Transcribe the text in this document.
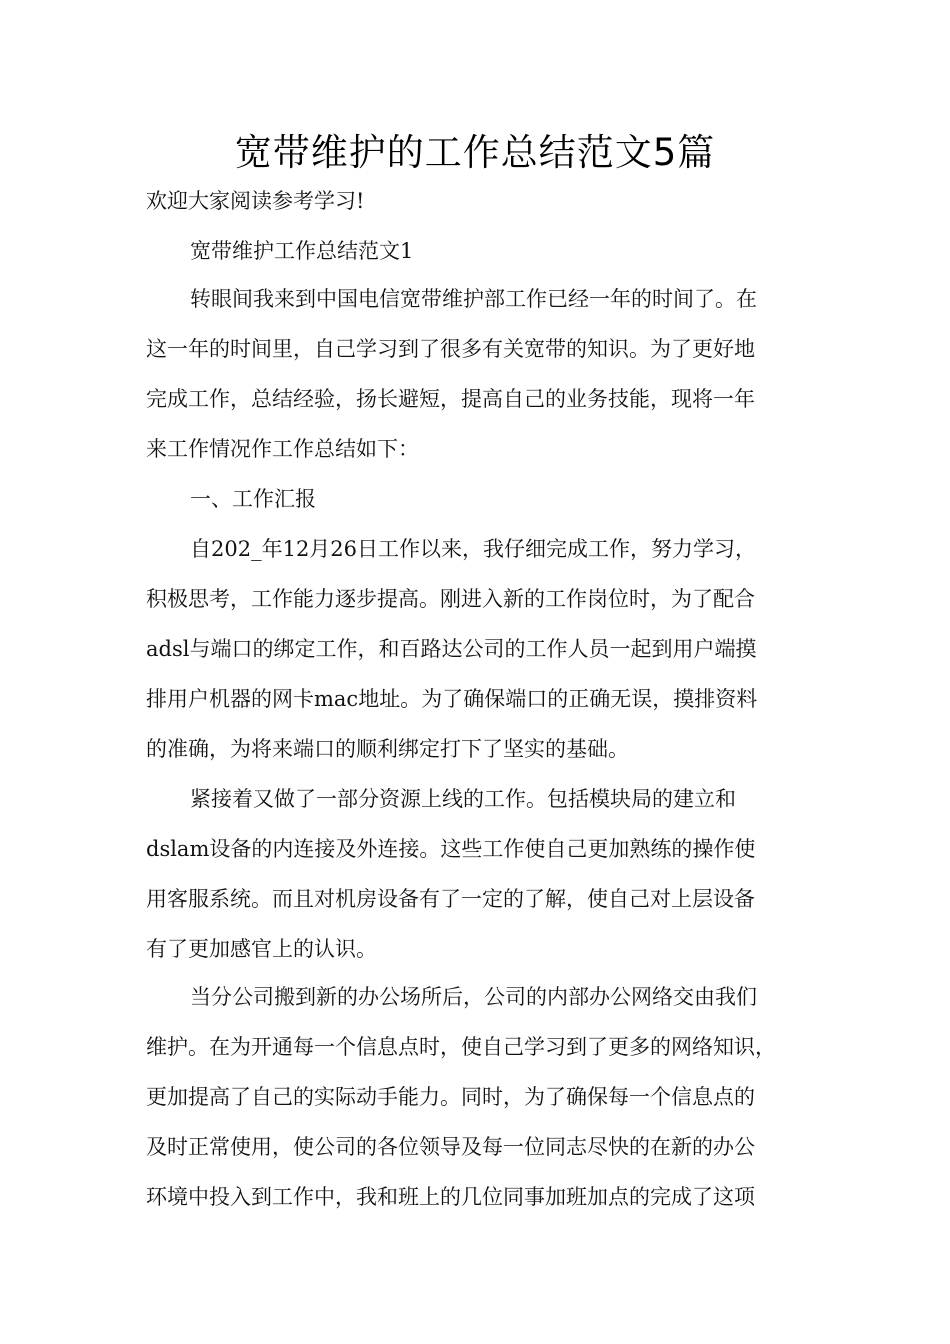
宽带维护的工作总结范文5篇

欢迎大家阅读参考学习!

宽带维护工作总结范文1

转眼间我来到中国电信宽带维护部工作已经一年的时间了。在
这一年的时间里，自己学习到了很多有关宽带的知识。为了更好地
完成工作，总结经验，扬长避短，提高自己的业务技能，现将一年
来工作情况作工作总结如下：

一、工作汇报

自202_年12月26日工作以来，我仔细完成工作，努力学习，
积极思考，工作能力逐步提高。刚进入新的工作岗位时，为了配合
adsl与端口的绑定工作，和百路达公司的工作人员一起到用户端摸
排用户机器的网卡mac地址。为了确保端口的正确无误，摸排资料
的准确，为将来端口的顺利绑定打下了坚实的基础。

紧接着又做了一部分资源上线的工作。包括模块局的建立和
dslam设备的内连接及外连接。这些工作使自己更加熟练的操作使
用客服系统。而且对机房设备有了一定的了解，使自己对上层设备
有了更加感官上的认识。

当分公司搬到新的办公场所后，公司的内部办公网络交由我们
维护。在为开通每一个信息点时，使自己学习到了更多的网络知识，
更加提高了自己的实际动手能力。同时，为了确保每一个信息点的
及时正常使用，使公司的各位领导及每一位同志尽快的在新的办公
环境中投入到工作中，我和班上的几位同事加班加点的完成了这项
